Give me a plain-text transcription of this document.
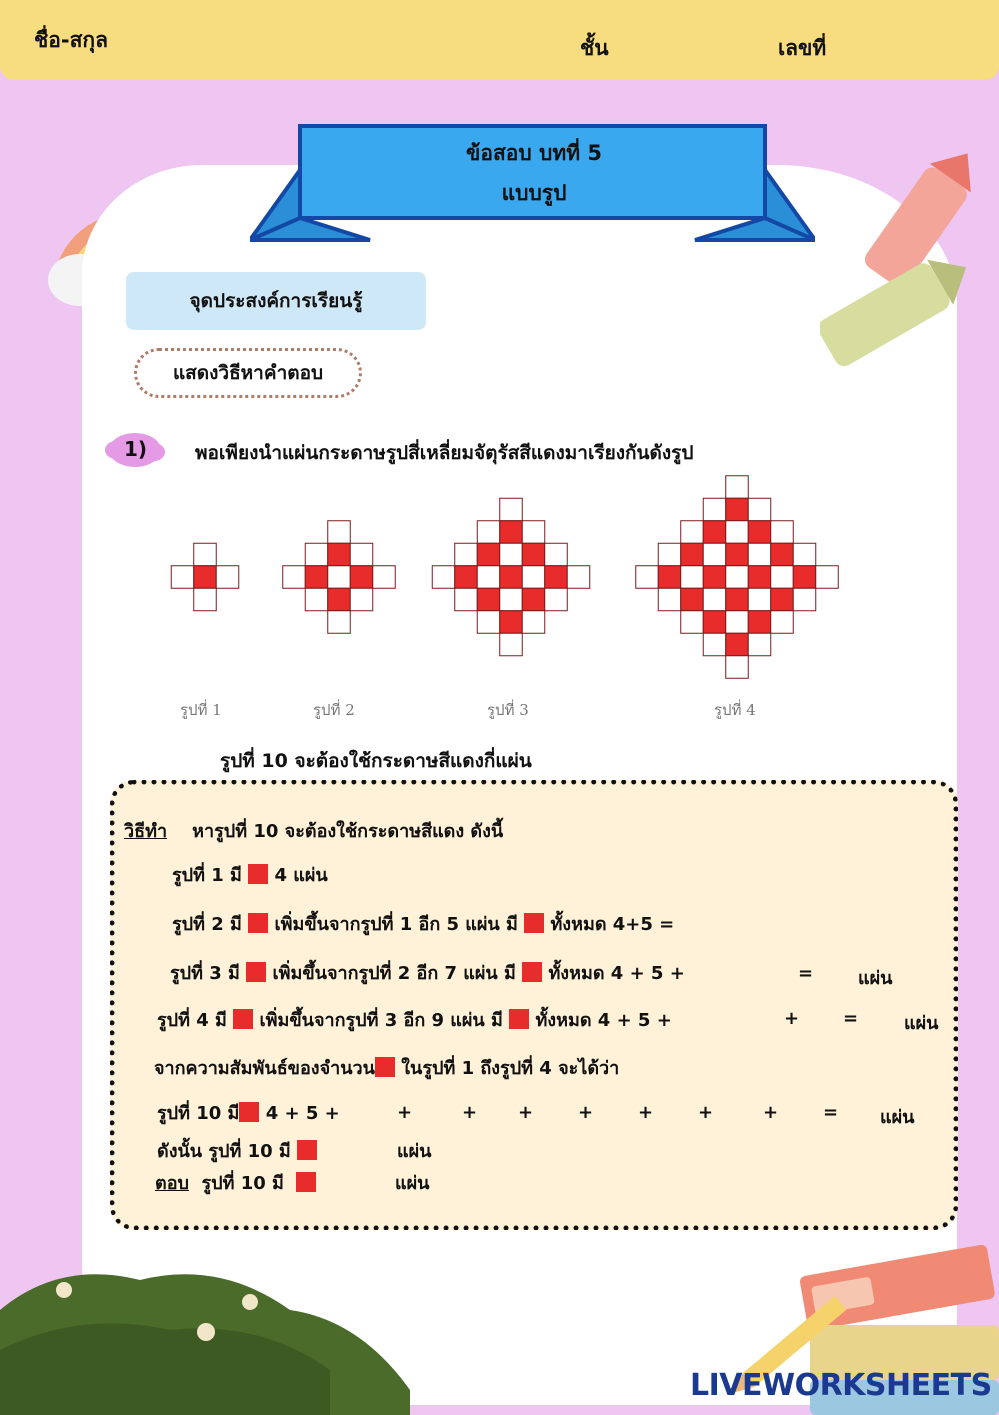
ชื่อ-สกุล	ชั้น	เลขที่
ข้อสอบ บทที่ 5
แบบรูป
จุดประสงค์การเรียนรู้
แสดงวิธีหาคำตอบ
1)	พอเพียงนำแผ่นกระดาษรูปสี่เหลี่ยมจัตุรัสสีแดงมาเรียงกันดังรูป
รูปที่ 1	รูปที่ 2	รูปที่ 3	รูปที่ 4
รูปที่ 10 จะต้องใช้กระดาษสีแดงกี่แผ่น
วิธีทำ หารูปที่ 10 จะต้องใช้กระดาษสีแดง ดังนี้
รูปที่ 1 มี 4 แผ่น
รูปที่ 2 มี เพิ่มขึ้นจากรูปที่ 1 อีก 5 แผ่น มี ทั้งหมด 4+5 =
รูปที่ 3 มี เพิ่มขึ้นจากรูปที่ 2 อีก 7 แผ่น มี ทั้งหมด 4 + 5 +	= แผ่น
รูปที่ 4 มี เพิ่มขึ้นจากรูปที่ 3 อีก 9 แผ่น มี ทั้งหมด 4 + 5 +	+ =	แผ่น
จากความสัมพันธ์ของจำนวน ในรูปที่ 1 ถึงรูปที่ 4 จะได้ว่า
รูปที่ 10 มี 4 + 5 +	+	+ + + + +	+ = แผ่น
ดังนั้น รูปที่ 10 มี	แผ่น
ตอบ รูปที่ 10 มี	แผ่น
LIVEWORKSHEETS
